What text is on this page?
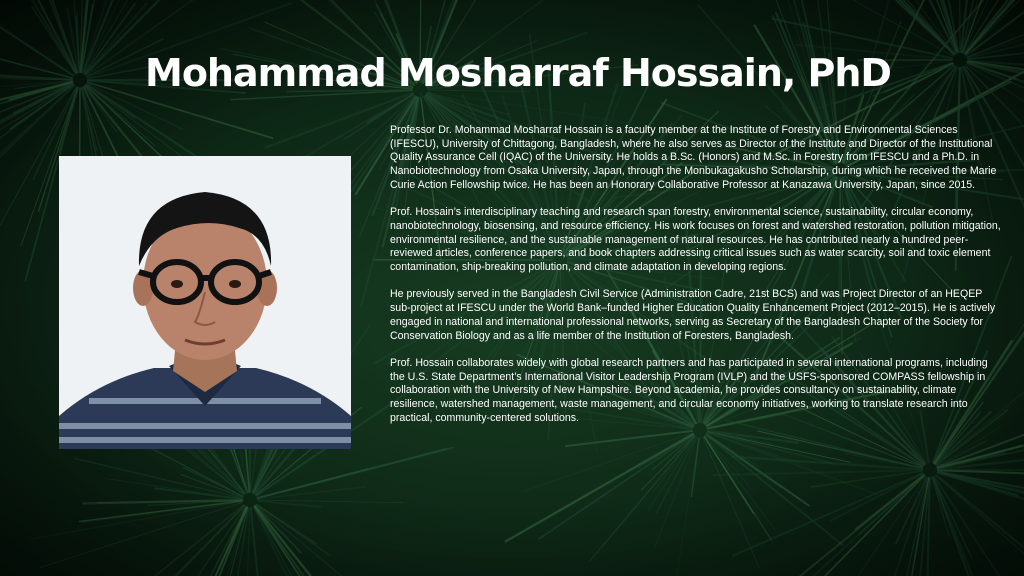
Mohammad Mosharraf Hossain, PhD

Professor Dr. Mohammad Mosharraf Hossain is a faculty member at the Institute of Forestry and Environmental Sciences (IFESCU), University of Chittagong, Bangladesh, where he also serves as Director of the Institute and Director of the Institutional Quality Assurance Cell (IQAC) of the University. He holds a B.Sc. (Honors) and M.Sc. in Forestry from IFESCU and a Ph.D. in Nanobiotechnology from Osaka University, Japan, through the Monbukagakusho Scholarship, during which he received the Marie Curie Action Fellowship twice. He has been an Honorary Collaborative Professor at Kanazawa University, Japan, since 2015.

Prof. Hossain’s interdisciplinary teaching and research span forestry, environmental science, sustainability, circular economy, nanobiotechnology, biosensing, and resource efficiency. His work focuses on forest and watershed restoration, pollution mitigation, environmental resilience, and the sustainable management of natural resources. He has contributed nearly a hundred peer-reviewed articles, conference papers, and book chapters addressing critical issues such as water scarcity, soil and toxic element contamination, ship-breaking pollution, and climate adaptation in developing regions.

He previously served in the Bangladesh Civil Service (Administration Cadre, 21st BCS) and was Project Director of an HEQEP sub-project at IFESCU under the World Bank–funded Higher Education Quality Enhancement Project (2012–2015). He is actively engaged in national and international professional networks, serving as Secretary of the Bangladesh Chapter of the Society for Conservation Biology and as a life member of the Institution of Foresters, Bangladesh.

Prof. Hossain collaborates widely with global research partners and has participated in several international programs, including the U.S. State Department’s International Visitor Leadership Program (IVLP) and the USFS-sponsored COMPASS fellowship in collaboration with the University of New Hampshire. Beyond academia, he provides consultancy on sustainability, climate resilience, watershed management, waste management, and circular economy initiatives, working to translate research into practical, community-centered solutions.
